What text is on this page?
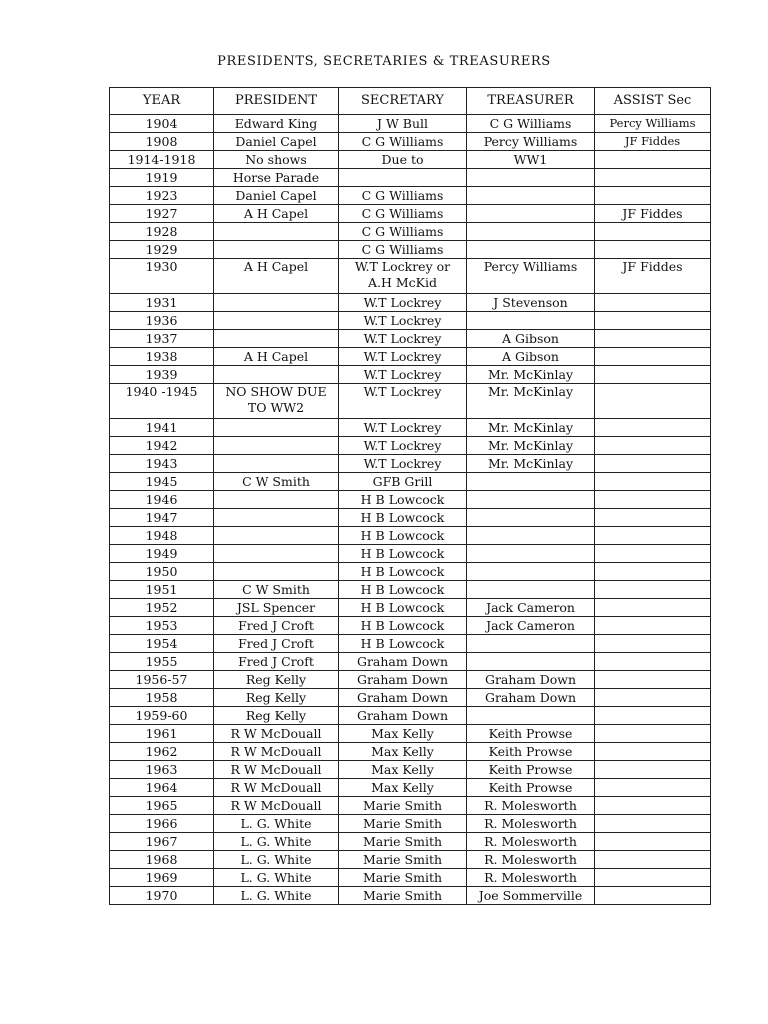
PRESIDENTS, SECRETARIES & TREASURERS
YEAR	PRESIDENT	SECRETARY	TREASURER	ASSIST Sec
1904	Edward King	J W Bull	C G Williams	Percy Williams
1908	Daniel Capel	C G Williams	Percy Williams	JF Fiddes
1914-1918	No shows	Due to	WW1	
1919	Horse Parade			
1923	Daniel Capel	C G Williams		
1927	A H Capel	C G Williams		JF Fiddes
1928		C G Williams		
1929		C G Williams		
1930	A H Capel	W.T Lockrey or A.H McKid	Percy Williams	JF Fiddes
1931		W.T Lockrey	J Stevenson	
1936		W.T Lockrey		
1937		W.T Lockrey	A Gibson	
1938	A H Capel	W.T Lockrey	A Gibson	
1939		W.T Lockrey	Mr. McKinlay	
1940 -1945	NO SHOW DUE TO WW2	W.T Lockrey	Mr. McKinlay	
1941		W.T Lockrey	Mr. McKinlay	
1942		W.T Lockrey	Mr. McKinlay	
1943		W.T Lockrey	Mr. McKinlay	
1945	C W Smith	GFB Grill		
1946		H B Lowcock		
1947		H B Lowcock		
1948		H B Lowcock		
1949		H B Lowcock		
1950		H B Lowcock		
1951	C W Smith	H B Lowcock		
1952	JSL Spencer	H B Lowcock	Jack Cameron	
1953	Fred J Croft	H B Lowcock	Jack Cameron	
1954	Fred J Croft	H B Lowcock		
1955	Fred J Croft	Graham Down		
1956-57	Reg Kelly	Graham Down	Graham Down	
1958	Reg Kelly	Graham Down	Graham Down	
1959-60	Reg Kelly	Graham Down		
1961	R W McDouall	Max Kelly	Keith Prowse	
1962	R W McDouall	Max Kelly	Keith Prowse	
1963	R W McDouall	Max Kelly	Keith Prowse	
1964	R W McDouall	Max Kelly	Keith Prowse	
1965	R W McDouall	Marie Smith	R. Molesworth	
1966	L. G. White	Marie Smith	R. Molesworth	
1967	L. G. White	Marie Smith	R. Molesworth	
1968	L. G. White	Marie Smith	R. Molesworth	
1969	L. G. White	Marie Smith	R. Molesworth	
1970	L. G. White	Marie Smith	Joe Sommerville	
